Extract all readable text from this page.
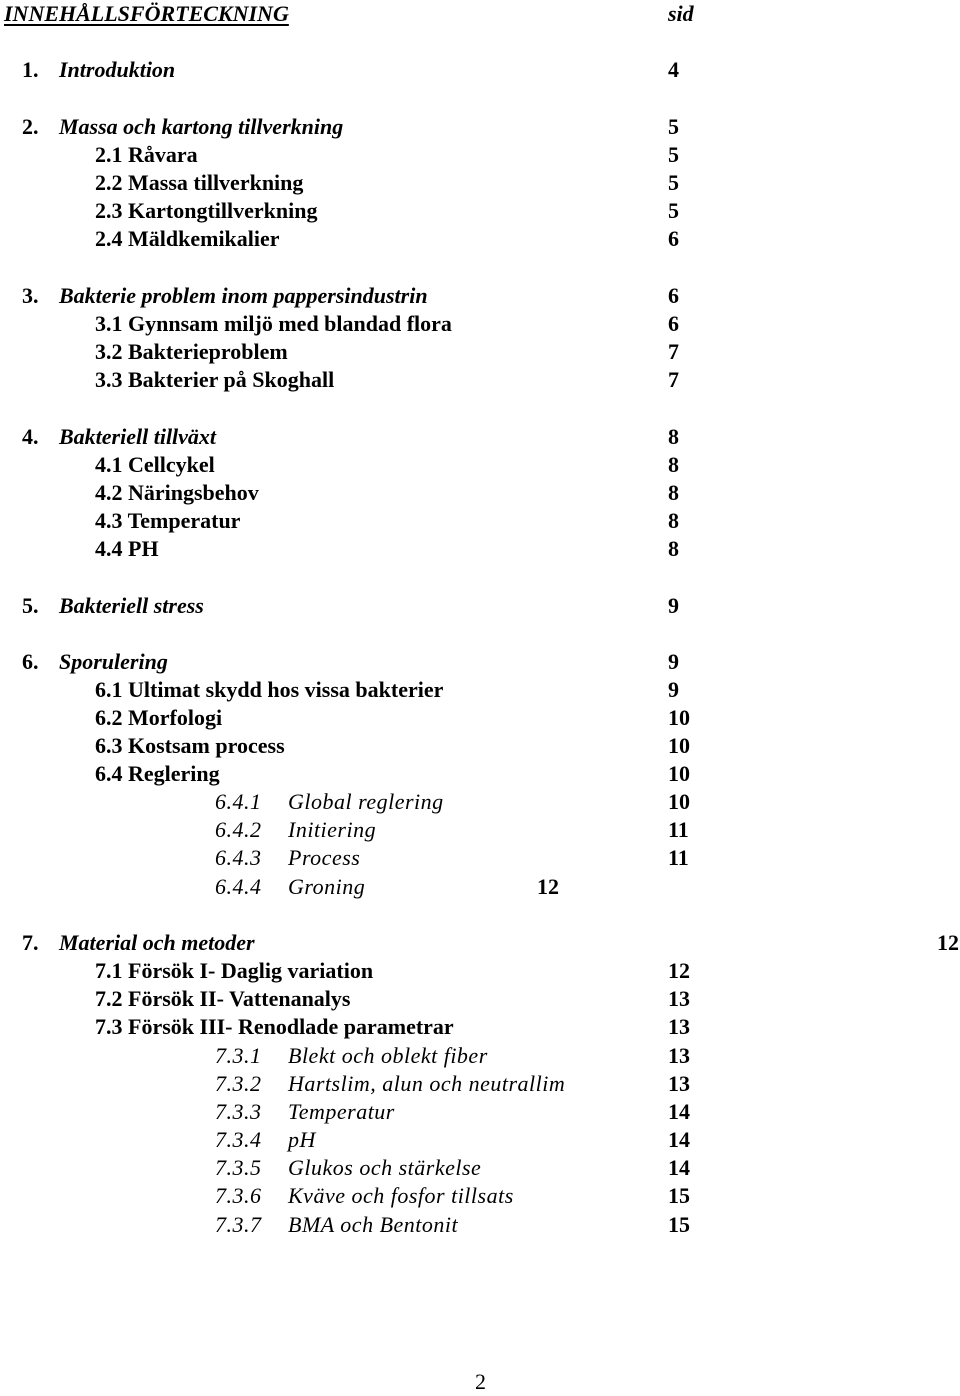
INNEHÅLLSFÖRTECKNING	sid
1. Introduktion	4
2. Massa och kartong tillverkning	5
2.1 Råvara	5
2.2 Massa tillverkning	5
2.3 Kartongtillverkning	5
2.4 Mäldkemikalier	6
3. Bakterie problem inom pappersindustrin	6
3.1 Gynnsam miljö med blandad flora	6
3.2 Bakterieproblem	7
3.3 Bakterier på Skoghall	7
4. Bakteriell tillväxt	8
4.1 Cellcykel	8
4.2 Näringsbehov	8
4.3 Temperatur	8
4.4 PH	8
5. Bakteriell stress	9
6. Sporulering	9
6.1 Ultimat skydd hos vissa bakterier	9
6.2 Morfologi	10
6.3 Kostsam process	10
6.4 Reglering	10
6.4.1 Global reglering	10
6.4.2 Initiering	11
6.4.3 Process	11
6.4.4 Groning	12
7. Material och metoder	12
7.1 Försök I- Daglig variation	12
7.2 Försök II- Vattenanalys	13
7.3 Försök III- Renodlade parametrar	13
7.3.1 Blekt och oblekt fiber	13
7.3.2 Hartslim, alun och neutrallim	13
7.3.3 Temperatur	14
7.3.4 pH	14
7.3.5 Glukos och stärkelse	14
7.3.6 Kväve och fosfor tillsats	15
7.3.7 BMA och Bentonit	15
2
